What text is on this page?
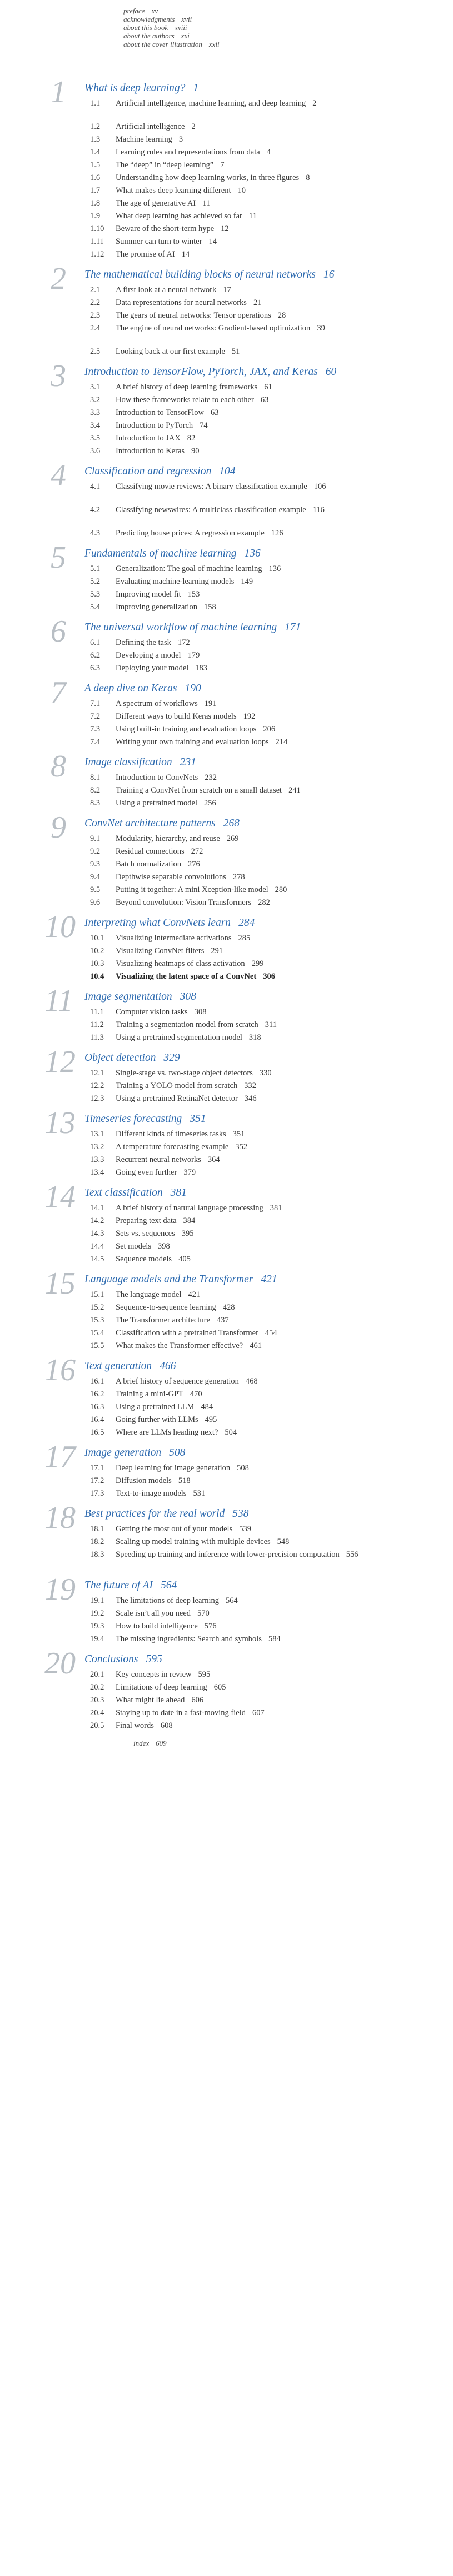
preface xv
acknowledgments xvii
about this book xviii
about the authors xxi
about the cover illustration xxii
1	What is deep learning? 1
1.1 Artificial intelligence, machine learning, and deep learning 2
1.2 Artificial intelligence 2
1.3 Machine learning 3
1.4 Learning rules and representations from data 4
1.5 The “deep” in “deep learning” 7
1.6 Understanding how deep learning works, in three figures 8
1.7 What makes deep learning different 10
1.8 The age of generative AI 11
1.9 What deep learning has achieved so far 11
1.10 Beware of the short-term hype 12
1.11 Summer can turn to winter 14
1.12 The promise of AI 14
2	The mathematical building blocks of neural networks 16
2.1 A first look at a neural network 17
2.2 Data representations for neural networks 21
2.3 The gears of neural networks: Tensor operations 28
2.4 The engine of neural networks: Gradient-based optimization 39
2.5 Looking back at our first example 51
3	Introduction to TensorFlow, PyTorch, JAX, and Keras 60
3.1 A brief history of deep learning frameworks 61
3.2 How these frameworks relate to each other 63
3.3 Introduction to TensorFlow 63
3.4 Introduction to PyTorch 74
3.5 Introduction to JAX 82
3.6 Introduction to Keras 90
4	Classification and regression 104
4.1 Classifying movie reviews: A binary classification example 106
4.2 Classifying newswires: A multiclass classification example 116
4.3 Predicting house prices: A regression example 126
5	Fundamentals of machine learning 136
5.1 Generalization: The goal of machine learning 136
5.2 Evaluating machine-learning models 149
5.3 Improving model fit 153
5.4 Improving generalization 158
6	The universal workflow of machine learning 171
6.1 Defining the task 172
6.2 Developing a model 179
6.3 Deploying your model 183
7	A deep dive on Keras 190
7.1 A spectrum of workflows 191
7.2 Different ways to build Keras models 192
7.3 Using built-in training and evaluation loops 206
7.4 Writing your own training and evaluation loops 214
8	Image classification 231
8.1 Introduction to ConvNets 232
8.2 Training a ConvNet from scratch on a small dataset 241
8.3 Using a pretrained model 256
9	ConvNet architecture patterns 268
9.1 Modularity, hierarchy, and reuse 269
9.2 Residual connections 272
9.3 Batch normalization 276
9.4 Depthwise separable convolutions 278
9.5 Putting it together: A mini Xception-like model 280
9.6 Beyond convolution: Vision Transformers 282
10 Interpreting what ConvNets learn 284
10.1 Visualizing intermediate activations 285
10.2 Visualizing ConvNet filters 291
10.3 Visualizing heatmaps of class activation 299
10.4 Visualizing the latent space of a ConvNet 306
11 Image segmentation 308
11.1 Computer vision tasks 308
11.2 Training a segmentation model from scratch 311
11.3 Using a pretrained segmentation model 318
12 Object detection 329
12.1 Single-stage vs. two-stage object detectors 330
12.2 Training a YOLO model from scratch 332
12.3 Using a pretrained RetinaNet detector 346
13 Timeseries forecasting 351
13.1 Different kinds of timeseries tasks 351
13.2 A temperature forecasting example 352
13.3 Recurrent neural networks 364
13.4 Going even further 379
14 Text classification 381
14.1 A brief history of natural language processing 381
14.2 Preparing text data 384
14.3 Sets vs. sequences 395
14.4 Set models 398
14.5 Sequence models 405
15 Language models and the Transformer 421
15.1 The language model 421
15.2 Sequence-to-sequence learning 428
15.3 The Transformer architecture 437
15.4 Classification with a pretrained Transformer 454
15.5 What makes the Transformer effective? 461
16 Text generation 466
16.1 A brief history of sequence generation 468
16.2 Training a mini-GPT 470
16.3 Using a pretrained LLM 484
16.4 Going further with LLMs 495
16.5 Where are LLMs heading next? 504
17 Image generation 508
17.1 Deep learning for image generation 508
17.2 Diffusion models 518
17.3 Text-to-image models 531
18 Best practices for the real world 538
18.1 Getting the most out of your models 539
18.2 Scaling up model training with multiple devices 548
18.3 Speeding up training and inference with lower-precision computation 556
19 The future of AI 564
19.1 The limitations of deep learning 564
19.2 Scale isn’t all you need 570
19.3 How to build intelligence 576
19.4 The missing ingredients: Search and symbols 584
20 Conclusions 595
20.1 Key concepts in review 595
20.2 Limitations of deep learning 605
20.3 What might lie ahead 606
20.4 Staying up to date in a fast-moving field 607
20.5 Final words 608
index 609
